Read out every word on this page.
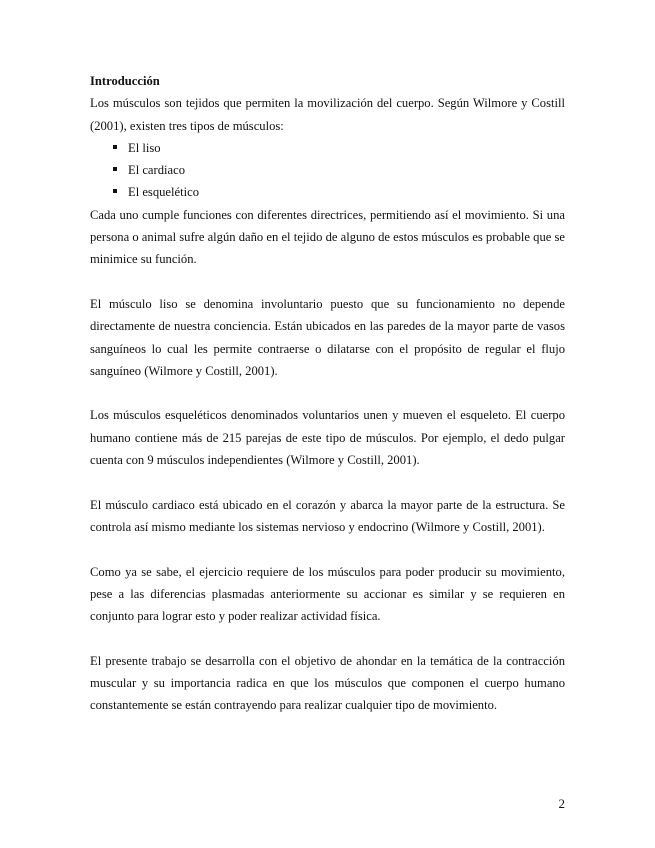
Introducción

Los músculos son tejidos que permiten la movilización del cuerpo. Según Wilmore y Costill (2001), existen tres tipos de músculos:

El liso
El cardiaco
El esquelético

Cada uno cumple funciones con diferentes directrices, permitiendo así el movimiento. Si una persona o animal sufre algún daño en el tejido de alguno de estos músculos es probable que se minimice su función.

El músculo liso se denomina involuntario puesto que su funcionamiento no depende directamente de nuestra conciencia. Están ubicados en las paredes de la mayor parte de vasos sanguíneos lo cual les permite contraerse o dilatarse con el propósito de regular el flujo sanguíneo (Wilmore y Costill, 2001).

Los músculos esqueléticos denominados voluntarios unen y mueven el esqueleto. El cuerpo humano contiene más de 215 parejas de este tipo de músculos. Por ejemplo, el dedo pulgar cuenta con 9 músculos independientes (Wilmore y Costill, 2001).

El músculo cardiaco está ubicado en el corazón y abarca la mayor parte de la estructura. Se controla así mismo mediante los sistemas nervioso y endocrino (Wilmore y Costill, 2001).

Como ya se sabe, el ejercicio requiere de los músculos para poder producir su movimiento, pese a las diferencias plasmadas anteriormente su accionar es similar y se requieren en conjunto para lograr esto y poder realizar actividad física.

El presente trabajo se desarrolla con el objetivo de ahondar en la temática de la contracción muscular y su importancia radica en que los músculos que componen el cuerpo humano constantemente se están contrayendo para realizar cualquier tipo de movimiento.

2
